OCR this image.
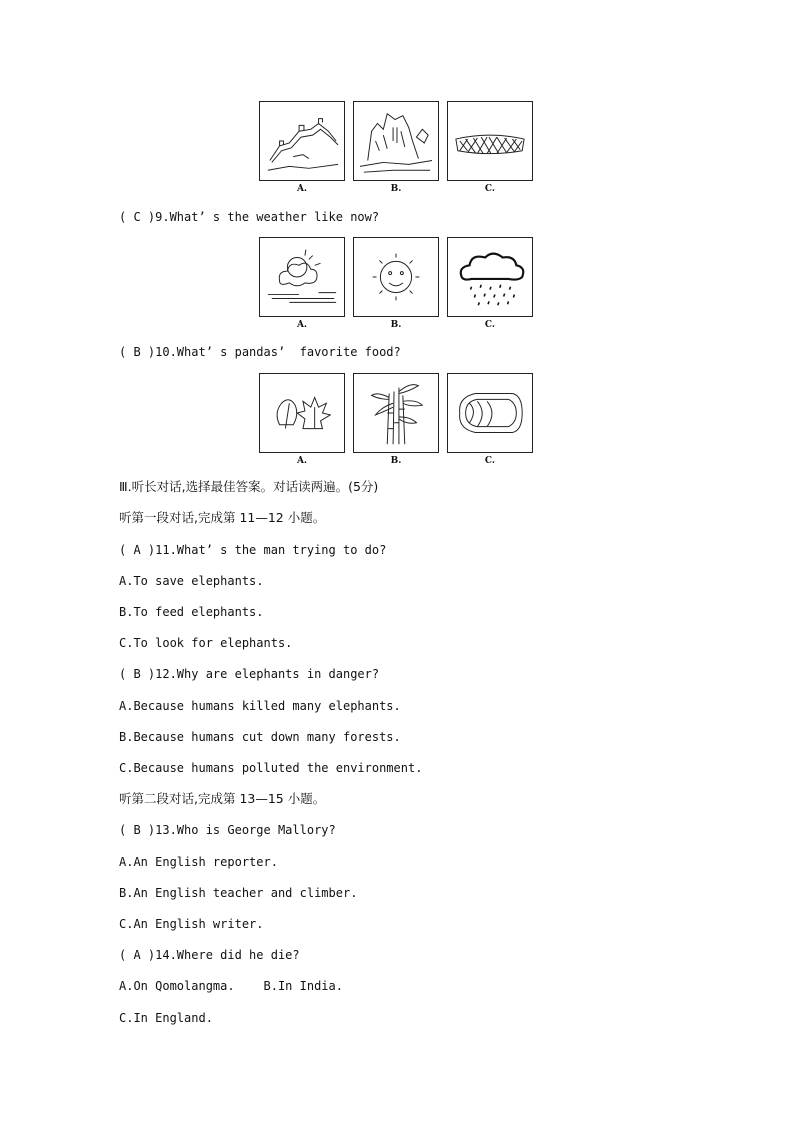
A.	B.	C.
( C )9.What’ s the weather like now?
A.	B.	C.
( B )10.What’ s pandas’  favorite food?
A.	B.	C.
Ⅲ.听长对话,选择最佳答案。对话读两遍。(5分)
听第一段对话,完成第 11—12 小题。
( A )11.What’ s the man trying to do?
A.To save elephants.
B.To feed elephants.
C.To look for elephants.
( B )12.Why are elephants in danger?
A.Because humans killed many elephants.
B.Because humans cut down many forests.
C.Because humans polluted the environment.
听第二段对话,完成第 13—15 小题。
( B )13.Who is George Mallory?
A.An English reporter.
B.An English teacher and climber.
C.An English writer.
( A )14.Where did he die?
A.On Qomolangma.    B.In India.
C.In England.
